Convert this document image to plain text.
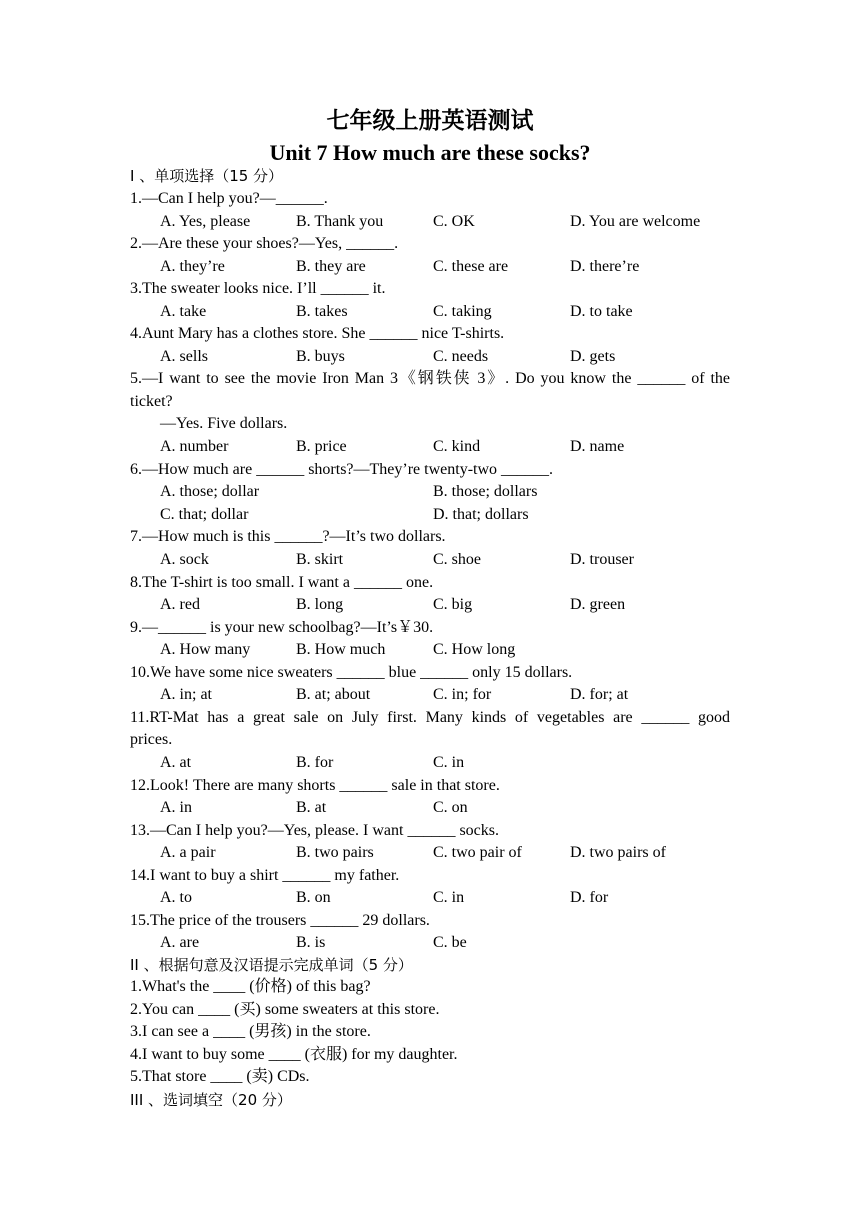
七年级上册英语测试
Unit 7 How much are these socks?
I 、单项选择（15 分）
1.—Can I help you?—______.
A. Yes, please	B. Thank you	C. OK	D. You are welcome
2.—Are these your shoes?—Yes, ______.
A. they’re	B. they are	C. these are	D. there’re
3.The sweater looks nice. I’ll ______ it.
A. take	B. takes	C. taking	D. to take
4.Aunt Mary has a clothes store. She ______ nice T-shirts.
A. sells	B. buys	C. needs	D. gets
5.—I want to see the movie Iron Man 3《钢铁侠 3》. Do you know the ______ of the
ticket?
—Yes. Five dollars.
A. number	B. price	C. kind	D. name
6.—How much are ______ shorts?—They’re twenty-two ______.
A. those; dollar	B. those; dollars
C. that; dollar	D. that; dollars
7.—How much is this ______?—It’s two dollars.
A. sock	B. skirt	C. shoe	D. trouser
8.The T-shirt is too small. I want a ______ one.
A. red	B. long	C. big	D. green
9.—______ is your new schoolbag?—It’s￥30.
A. How many	B. How much	C. How long
10.We have some nice sweaters ______ blue ______ only 15 dollars.
A. in; at	B. at; about	C. in; for	D. for; at
11.RT-Mat has a great sale on July first. Many kinds of vegetables are ______ good
prices.
A. at	B. for	C. in
12.Look! There are many shorts ______ sale in that store.
A. in	B. at	C. on
13.—Can I help you?—Yes, please. I want ______ socks.
A. a pair	B. two pairs	C. two pair of	D. two pairs of
14.I want to buy a shirt ______ my father.
A. to	B. on	C. in	D. for
15.The price of the trousers ______ 29 dollars.
A. are	B. is	C. be
II 、根据句意及汉语提示完成单词（5 分）
1.What's the ____ (价格) of this bag?
2.You can ____ (买) some sweaters at this store.
3.I can see a ____ (男孩) in the store.
4.I want to buy some ____ (衣服) for my daughter.
5.That store ____ (卖) CDs.
III 、选词填空（20 分）
